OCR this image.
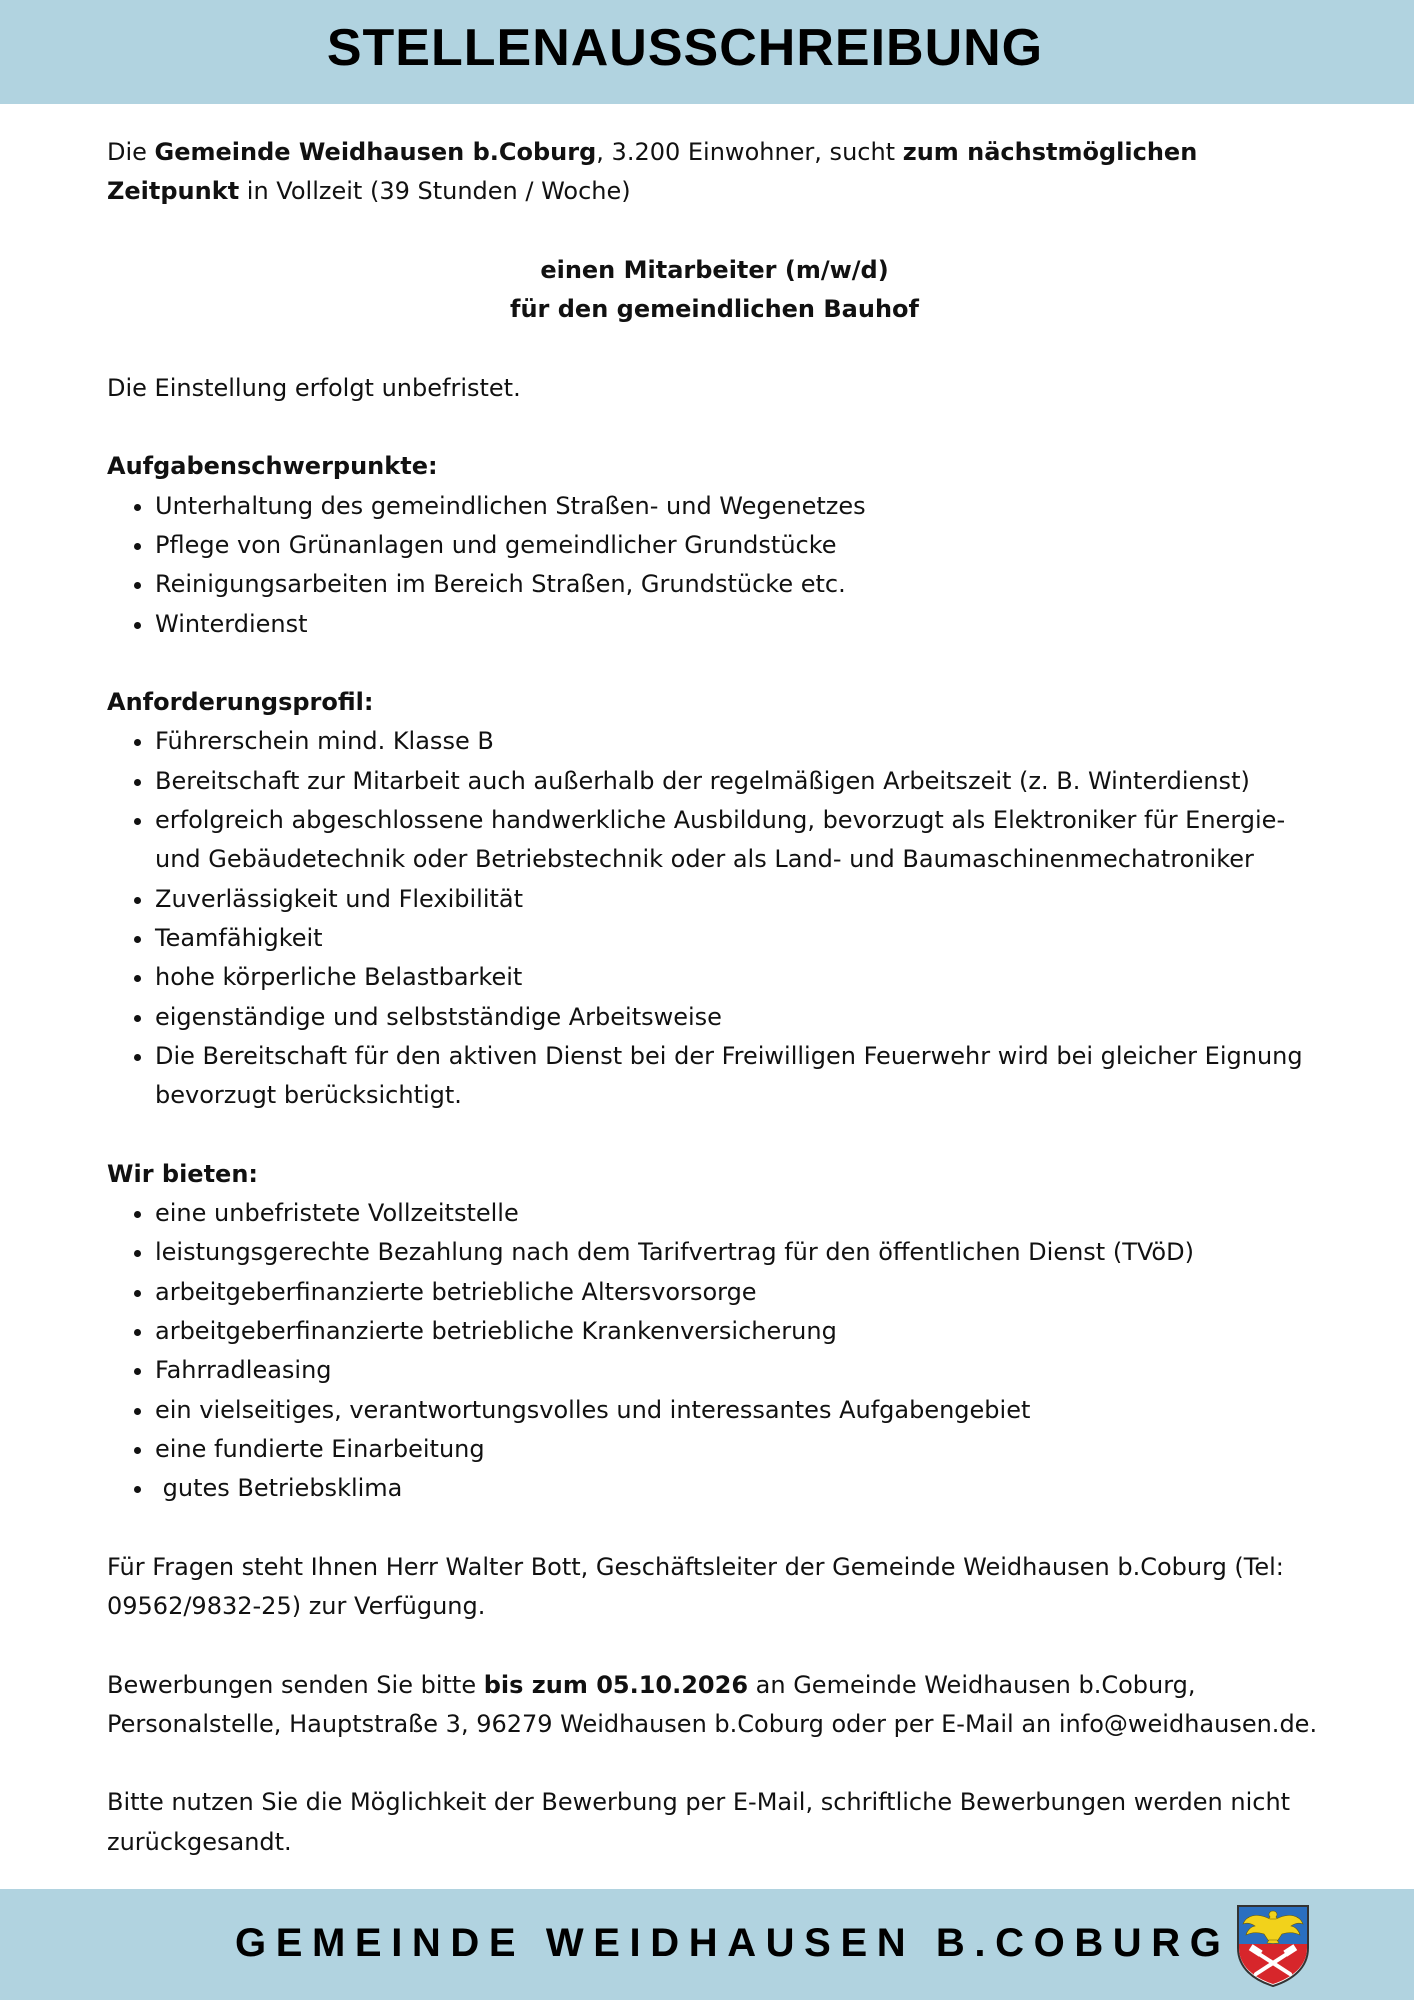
STELLENAUSSCHREIBUNG

Die Gemeinde Weidhausen b.Coburg, 3.200 Einwohner, sucht zum nächstmöglichen Zeitpunkt in Vollzeit (39 Stunden / Woche)

einen Mitarbeiter (m/w/d)

für den gemeindlichen Bauhof

Die Einstellung erfolgt unbefristet.

Aufgabenschwerpunkte:

• Unterhaltung des gemeindlichen Straßen- und Wegenetzes
• Pflege von Grünanlagen und gemeindlicher Grundstücke
• Reinigungsarbeiten im Bereich Straßen, Grundstücke etc.
• Winterdienst

Anforderungsprofil:

• Führerschein mind. Klasse B
• Bereitschaft zur Mitarbeit auch außerhalb der regelmäßigen Arbeitszeit (z. B. Winterdienst)
• erfolgreich abgeschlossene handwerkliche Ausbildung, bevorzugt als Elektroniker für Energie- und Gebäudetechnik oder Betriebstechnik oder als Land- und Baumaschinenmechatroniker
• Zuverlässigkeit und Flexibilität
• Teamfähigkeit
• hohe körperliche Belastbarkeit
• eigenständige und selbstständige Arbeitsweise
• Die Bereitschaft für den aktiven Dienst bei der Freiwilligen Feuerwehr wird bei gleicher Eignung bevorzugt berücksichtigt.

Wir bieten:

• eine unbefristete Vollzeitstelle
• leistungsgerechte Bezahlung nach dem Tarifvertrag für den öffentlichen Dienst (TVöD)
• arbeitgeberfinanzierte betriebliche Altersvorsorge
• arbeitgeberfinanzierte betriebliche Krankenversicherung
• Fahrradleasing
• ein vielseitiges, verantwortungsvolles und interessantes Aufgabengebiet
• eine fundierte Einarbeitung
•  gutes Betriebsklima

Für Fragen steht Ihnen Herr Walter Bott, Geschäftsleiter der Gemeinde Weidhausen b.Coburg (Tel: 09562/9832-25) zur Verfügung.

Bewerbungen senden Sie bitte bis zum 05.10.2026 an Gemeinde Weidhausen b.Coburg, Personalstelle, Hauptstraße 3, 96279 Weidhausen b.Coburg oder per E-Mail an info@weidhausen.de.

Bitte nutzen Sie die Möglichkeit der Bewerbung per E-Mail, schriftliche Bewerbungen werden nicht zurückgesandt.

GEMEINDE WEIDHAUSEN B.COBURG
